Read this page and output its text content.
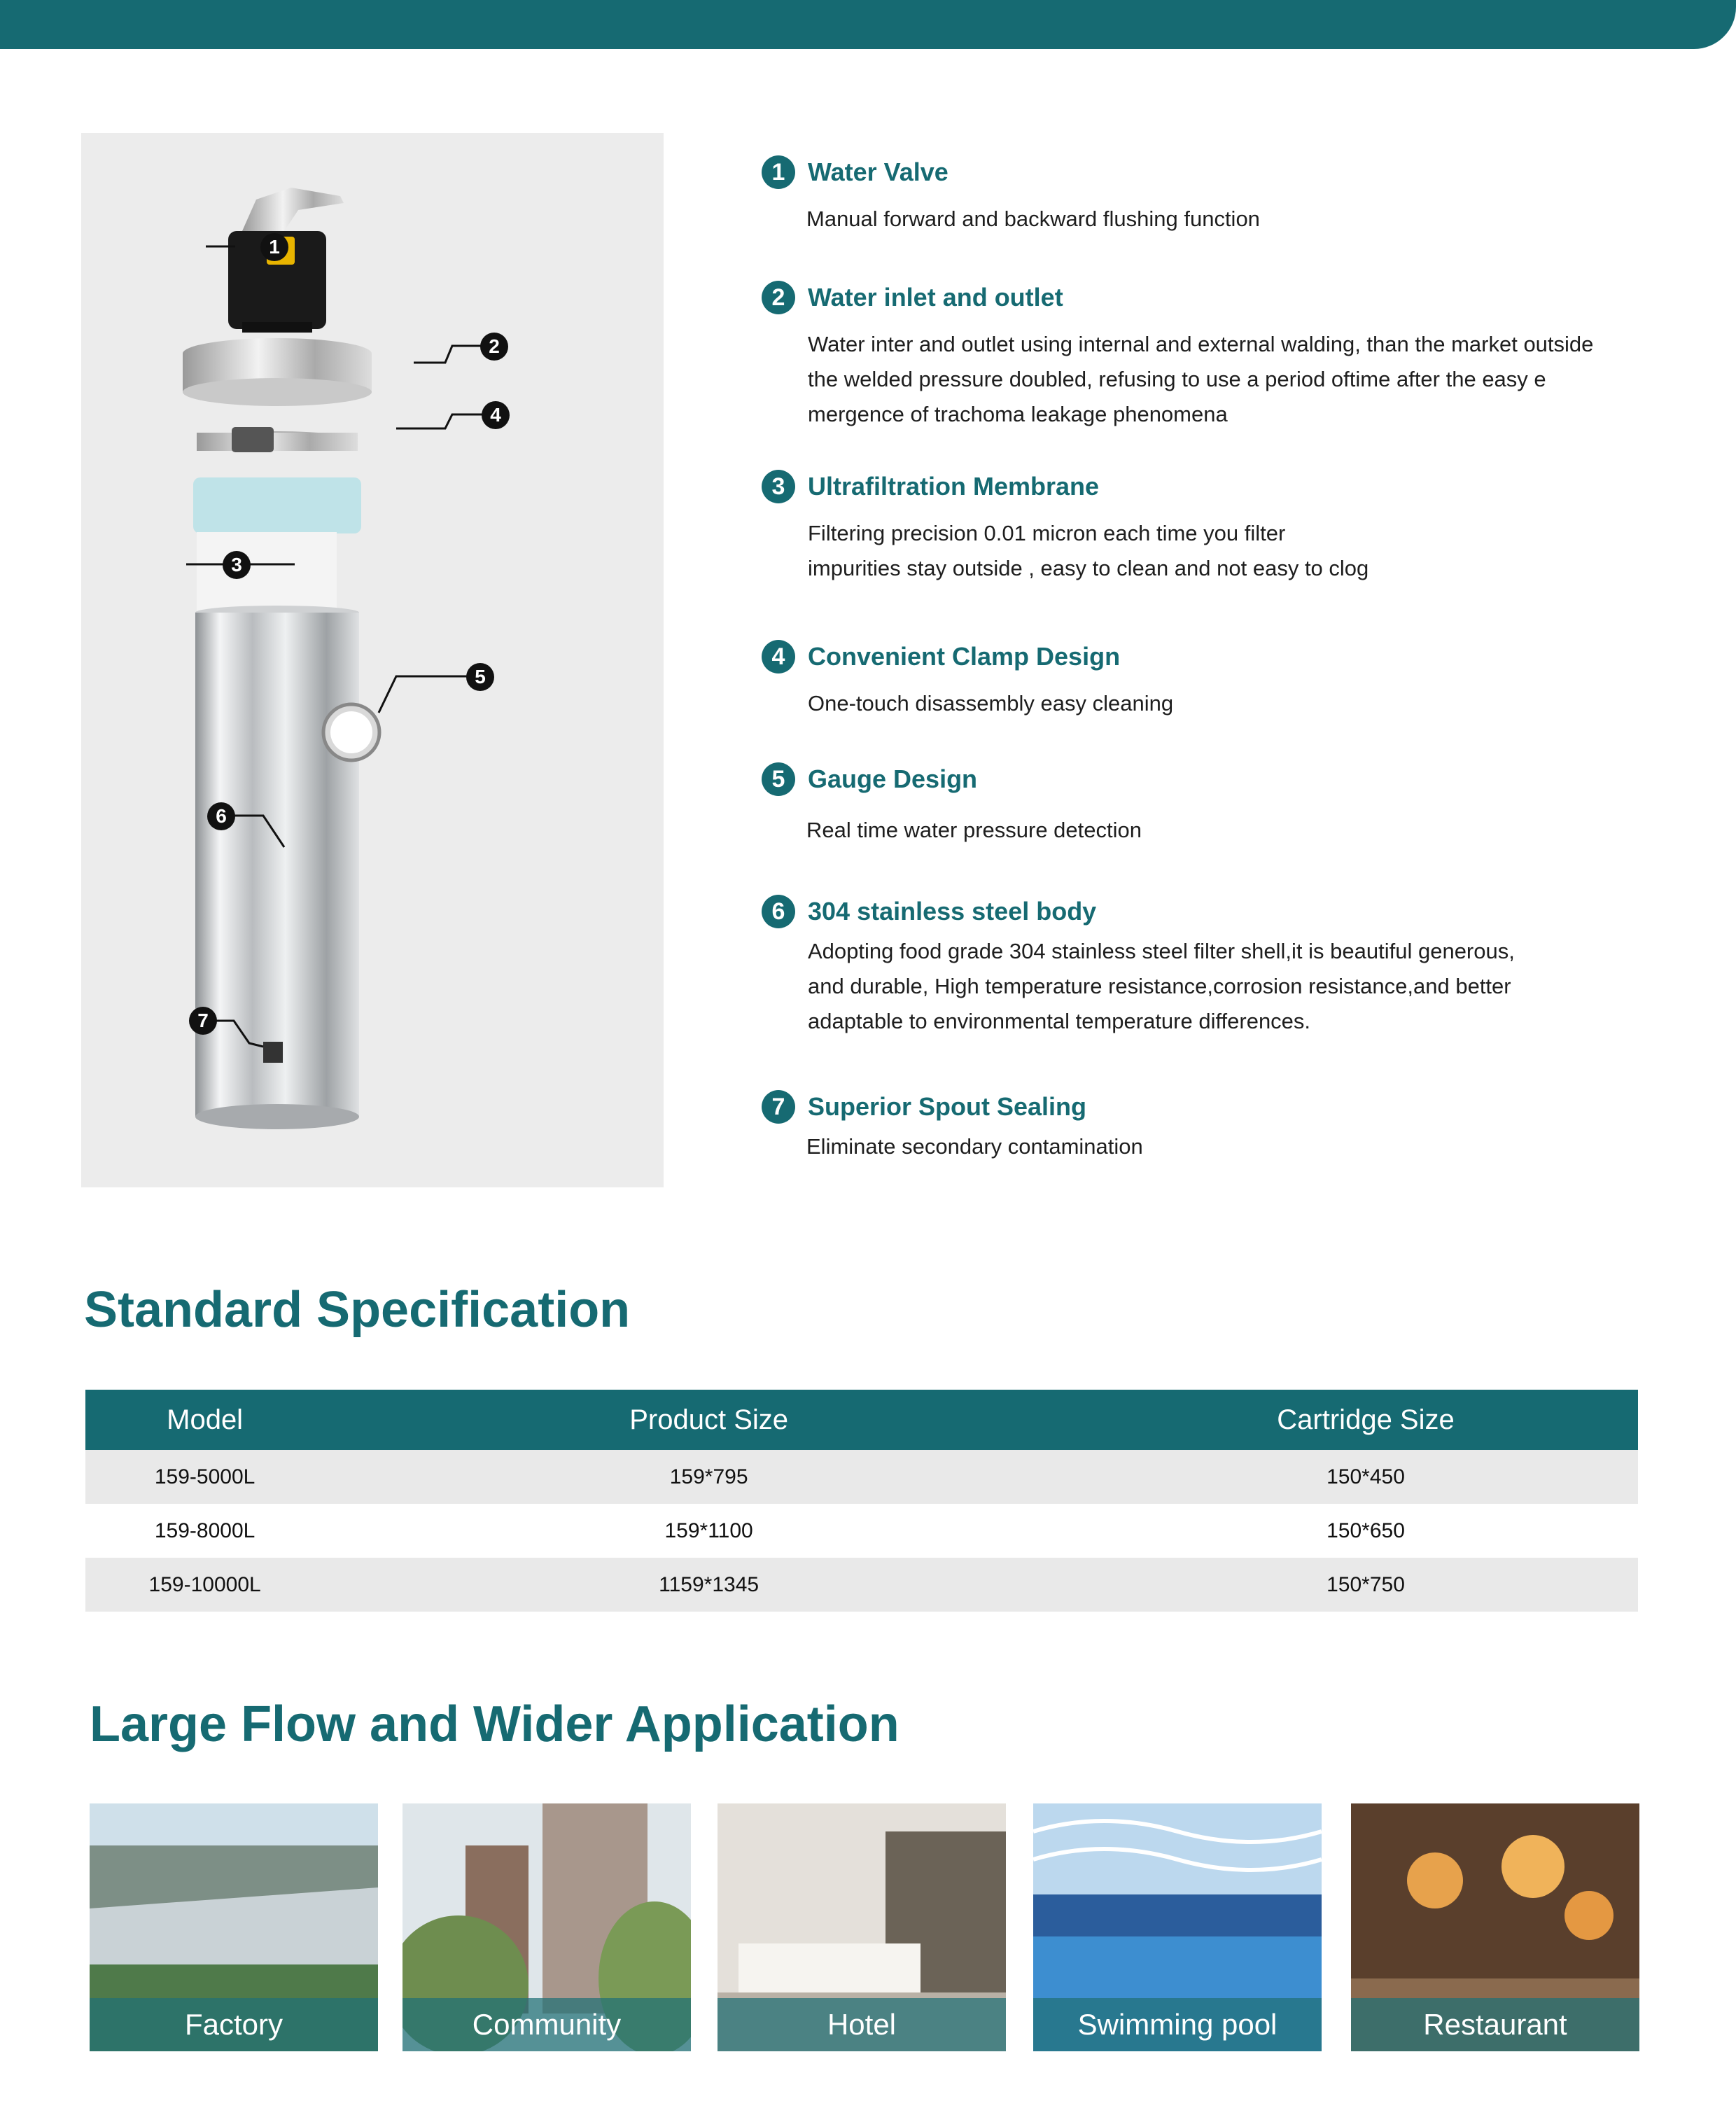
1
2
4
3
5
6
7
1 Water Valve
Manual forward and backward flushing function
2 Water inlet and outlet
Water inter and outlet using internal and external walding, than the market outside
the welded pressure doubled, refusing to use a period oftime after the easy e
mergence of trachoma leakage phenomena
3 Ultrafiltration Membrane
Filtering precision 0.01 micron each time you filter
impurities stay outside , easy to clean and not easy to clog
4 Convenient Clamp Design
One-touch disassembly easy cleaning
5 Gauge Design
Real time water pressure detection
6 304 stainless steel body
Adopting food grade 304 stainless steel filter shell,it is beautiful generous,
and durable, High temperature resistance,corrosion resistance,and better
adaptable to environmental temperature differences.
7 Superior Spout Sealing
Eliminate secondary contamination
Standard Specification
Model	Product Size	Cartridge Size
159-5000L	159*795	150*450
159-8000L	159*1100	150*650
159-10000L	1159*1345	150*750
Large Flow and Wider Application
Factory	Community	Hotel	Swimming pool	Restaurant
